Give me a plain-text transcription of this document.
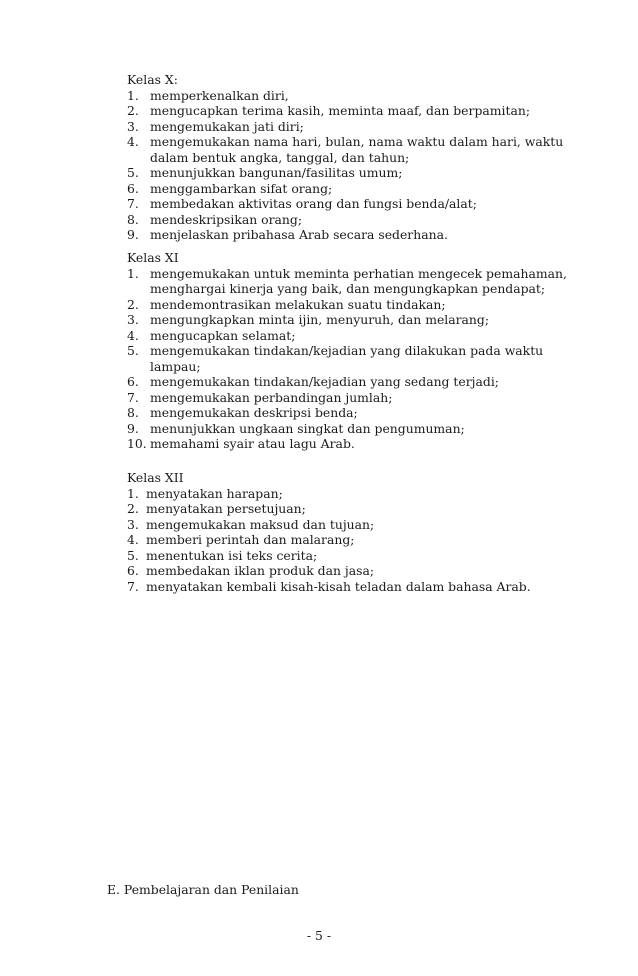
Kelas X:
1. memperkenalkan diri,
2. mengucapkan terima kasih, meminta maaf, dan berpamitan;
3. mengemukakan jati diri;
4. mengemukakan nama hari, bulan, nama waktu dalam hari, waktu
dalam bentuk angka, tanggal, dan tahun;
5. menunjukkan bangunan/fasilitas umum;
6. menggambarkan sifat orang;
7. membedakan aktivitas orang dan fungsi benda/alat;
8. mendeskripsikan orang;
9. menjelaskan pribahasa Arab secara sederhana.
Kelas XI
1. mengemukakan untuk meminta perhatian mengecek pemahaman,
menghargai kinerja yang baik, dan mengungkapkan pendapat;
2. mendemontrasikan melakukan suatu tindakan;
3. mengungkapkan minta ijin, menyuruh, dan melarang;
4. mengucapkan selamat;
5. mengemukakan tindakan/kejadian yang dilakukan pada waktu
lampau;
6. mengemukakan tindakan/kejadian yang sedang terjadi;
7. mengemukakan perbandingan jumlah;
8. mengemukakan deskripsi benda;
9. menunjukkan ungkaan singkat dan pengumuman;
10. memahami syair atau lagu Arab.
Kelas XII
1. menyatakan harapan;
2. menyatakan persetujuan;
3. mengemukakan maksud dan tujuan;
4. memberi perintah dan malarang;
5. menentukan isi teks cerita;
6. membedakan iklan produk dan jasa;
7. menyatakan kembali kisah-kisah teladan dalam bahasa Arab.
E. Pembelajaran dan Penilaian
- 5 -
